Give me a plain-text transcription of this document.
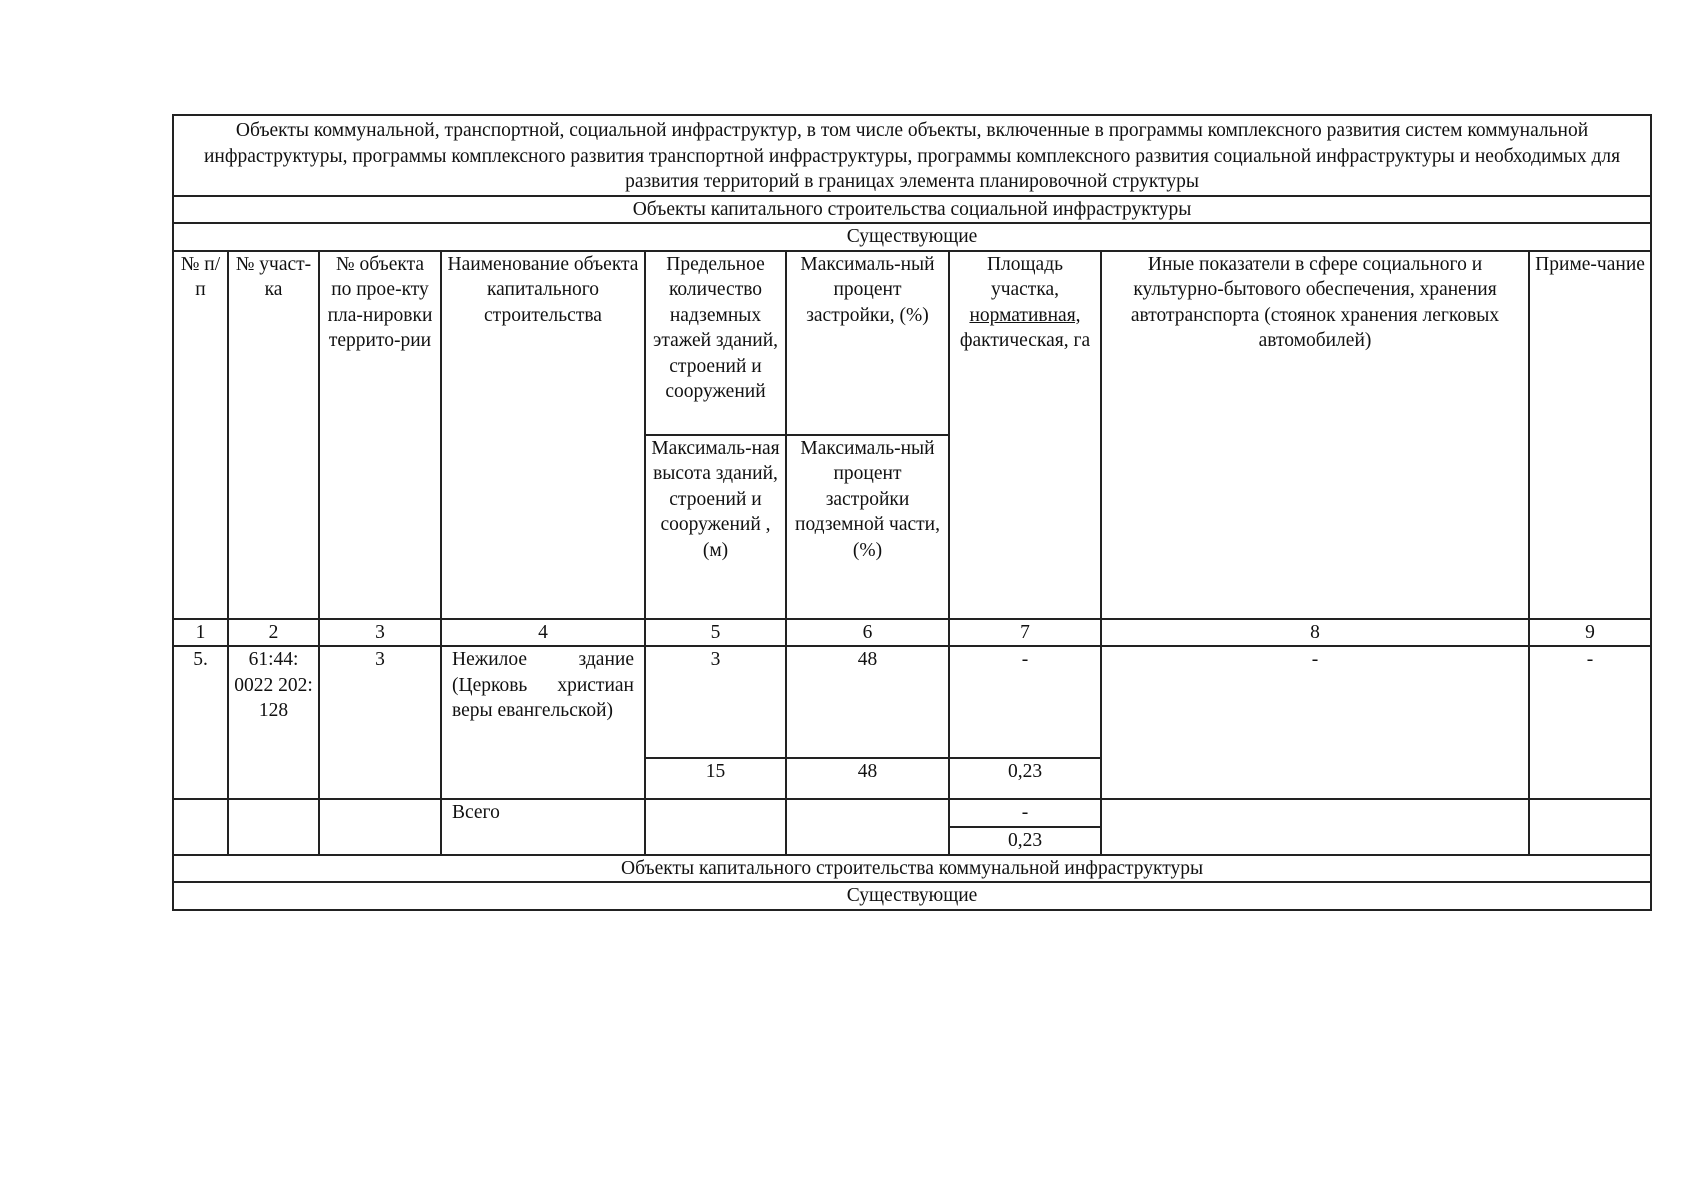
Объекты коммунальной, транспортной, социальной инфраструктур, в том числе объекты, включенные в программы комплексного развития систем коммунальной инфраструктуры, программы комплексного развития транспортной инфраструктуры, программы комплексного развития социальной инфраструктуры и необходимых для развития территорий в границах элемента планировочной структуры								
Объекты капитального строительства социальной инфраструктуры								
Существующие								
№ п/п	№ участ-ка	№ объекта по прое-кту пла-нировки террито-рии	Наименование объекта капитального строительства	Предельное количество надземных этажей зданий, строений и сооружений	Максималь-ный процент застройки, (%)	Площадь участка,
нормативная,
фактическая, га	Иные показатели в сфере социального и культурно-бытового обеспечения, хранения автотранспорта (стоянок хранения легковых автомобилей)	Приме-чание
				Максималь-ная высота зданий, строений и сооружений , (м)	Максималь-ный процент застройки подземной части, (%)			
1	2	3	4	5	6	7	8	9
5.	61:44: 0022 202: 128	3	Нежилое здание (Церковь христиан веры евангельской)	3	48	-	-	-
				15	48	0,23		
			Всего			-		
						0,23		
Объекты капитального строительства коммунальной инфраструктуры								
Существующие								
